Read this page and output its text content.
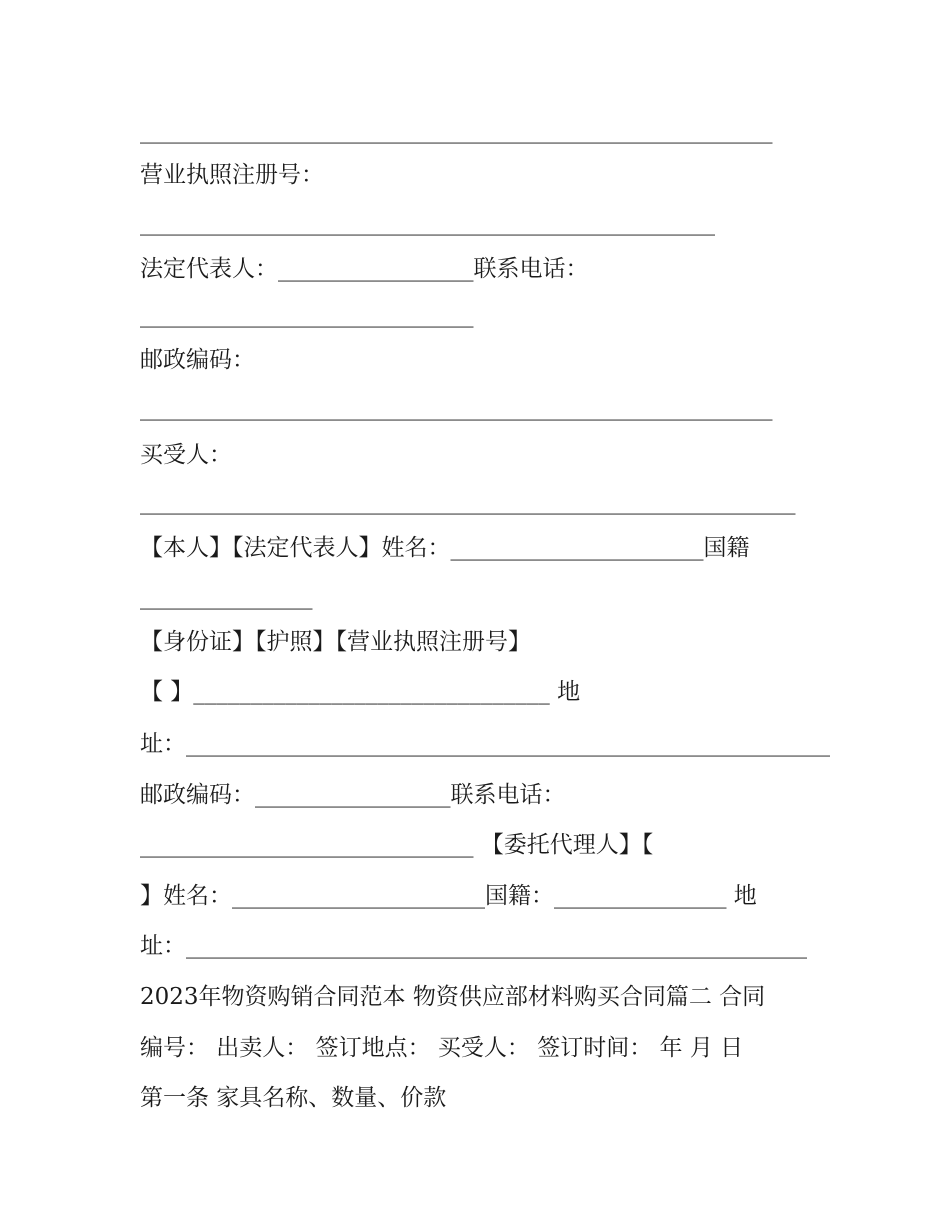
_______________________________________________________
营业执照注册号：
__________________________________________________
法定代表人：_________________联系电话：
_____________________________
邮政编码：
_______________________________________________________
买受人：
_________________________________________________________
【本人】【法定代表人】姓名：______________________国籍
_______________
【身份证】【护照】【营业执照注册号】
【 】_______________________________ 地
址：________________________________________________________
邮政编码：_________________联系电话：
_____________________________ 【委托代理人】【
】姓名：______________________国籍：_______________ 地
址：______________________________________________________
2023年物资购销合同范本 物资供应部材料购买合同篇二 合同
编号： 出卖人： 签订地点： 买受人： 签订时间： 年 月 日
第一条 家具名称、数量、价款
